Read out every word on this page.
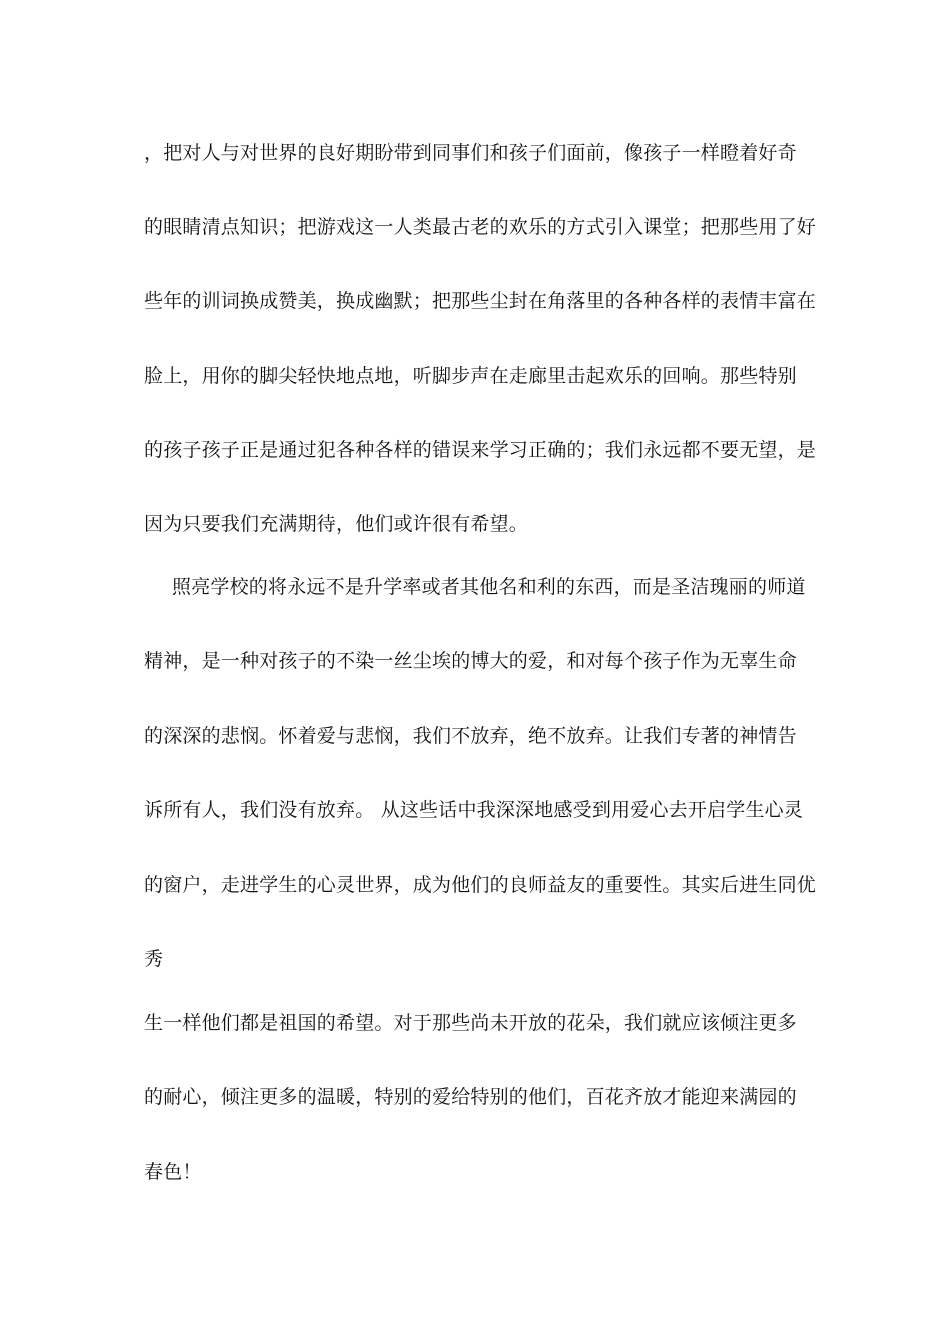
，把对人与对世界的良好期盼带到同事们和孩子们面前，像孩子一样瞪着好奇
的眼睛清点知识；把游戏这一人类最古老的欢乐的方式引入课堂；把那些用了好
些年的训词换成赞美，换成幽默；把那些尘封在角落里的各种各样的表情丰富在
脸上，用你的脚尖轻快地点地，听脚步声在走廊里击起欢乐的回响。那些特别
的孩子孩子正是通过犯各种各样的错误来学习正确的；我们永远都不要无望，是
因为只要我们充满期待，他们或许很有希望。
照亮学校的将永远不是升学率或者其他名和利的东西，而是圣洁瑰丽的师道
精神，是一种对孩子的不染一丝尘埃的博大的爱，和对每个孩子作为无辜生命
的深深的悲悯。怀着爱与悲悯，我们不放弃，绝不放弃。让我们专著的神情告
诉所有人，我们没有放弃。 从这些话中我深深地感受到用爱心去开启学生心灵
的窗户，走进学生的心灵世界，成为他们的良师益友的重要性。其实后进生同优
秀
生一样他们都是祖国的希望。对于那些尚未开放的花朵，我们就应该倾注更多
的耐心，倾注更多的温暖，特别的爱给特别的他们，百花齐放才能迎来满园的
春色！
